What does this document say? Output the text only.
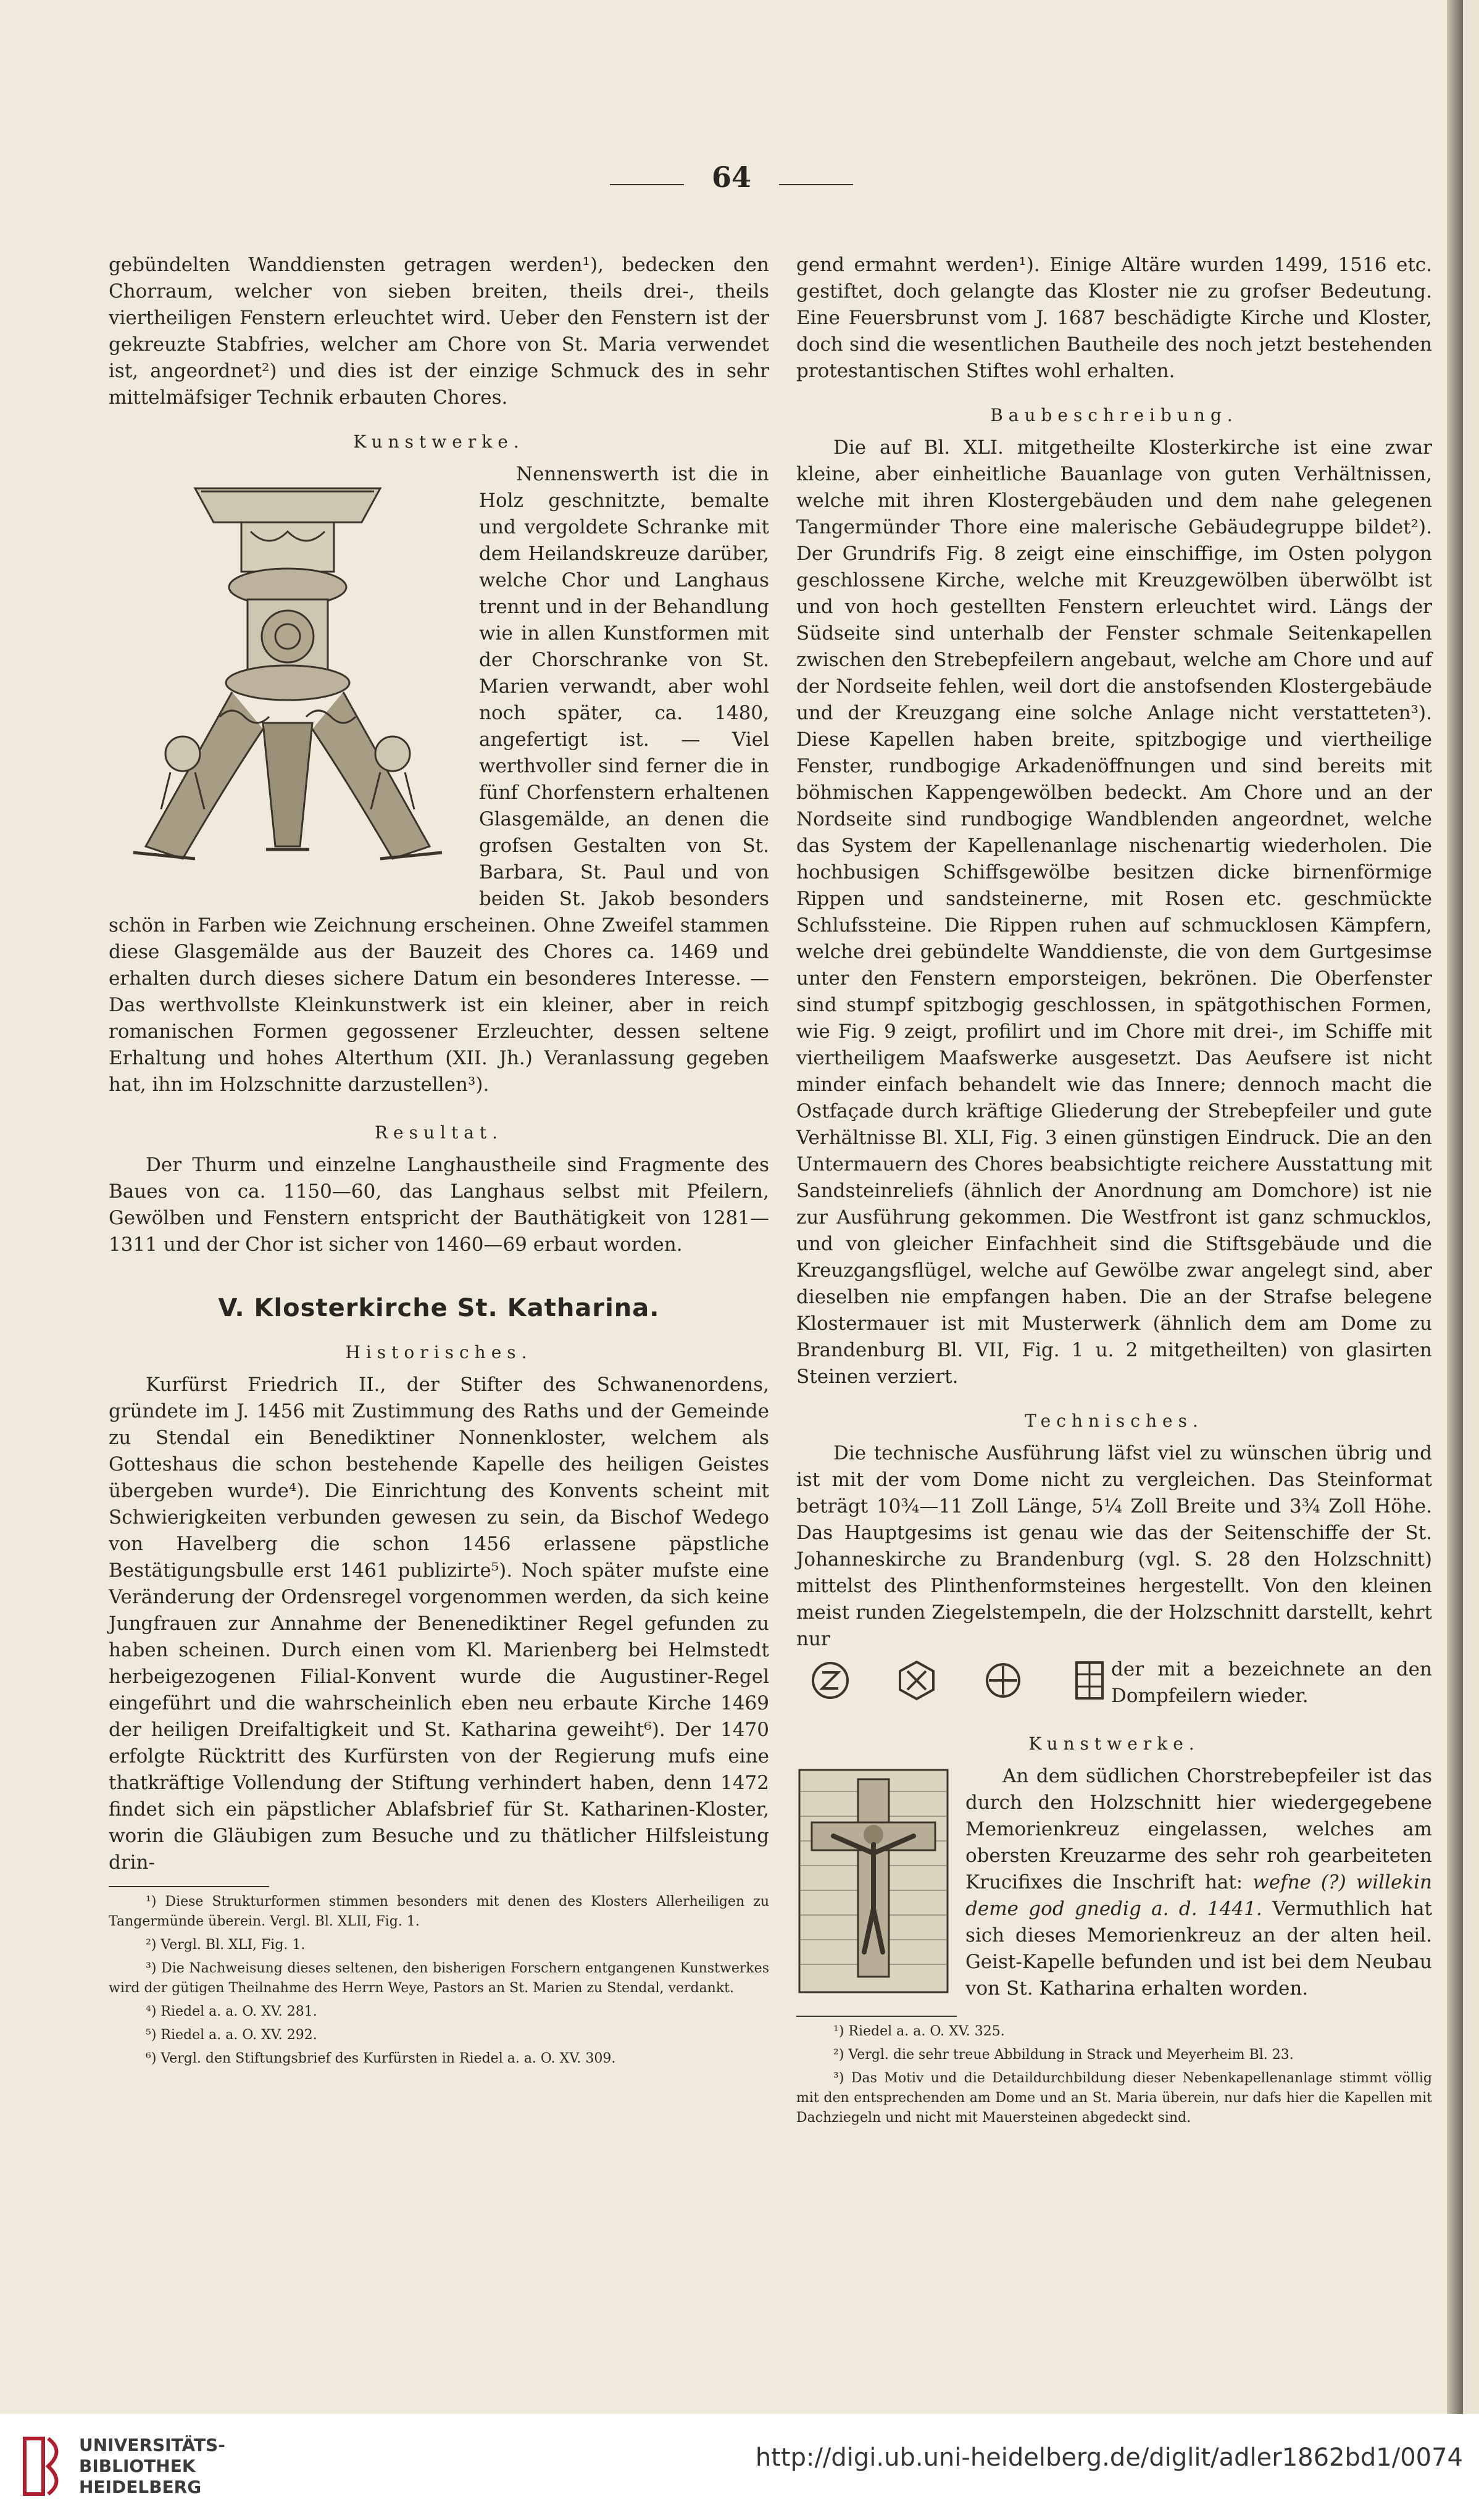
64

gebündelten Wanddiensten getragen werden¹), bedecken den Chorraum, welcher von sieben breiten, theils drei-, theils viertheiligen Fenstern erleuchtet wird. Ueber den Fenstern ist der gekreuzte Stabfries, welcher am Chore von St. Maria verwendet ist, angeordnet²) und dies ist der einzige Schmuck des in sehr mittelmäfsiger Technik erbauten Chores.

Kunstwerke.

Nennenswerth ist die in Holz geschnitzte, bemalte und vergoldete Schranke mit dem Heilandskreuze darüber, welche Chor und Langhaus trennt und in der Behandlung wie in allen Kunstformen mit der Chorschranke von St. Marien verwandt, aber wohl noch später, ca. 1480, angefertigt ist. — Viel werthvoller sind ferner die in fünf Chorfenstern erhaltenen Glasgemälde, an denen die grofsen Gestalten von St. Barbara, St. Paul und von beiden St. Jakob besonders schön in Farben wie Zeichnung erscheinen. Ohne Zweifel stammen diese Glasgemälde aus der Bauzeit des Chores ca. 1469 und erhalten durch dieses sichere Datum ein besonderes Interesse. — Das werthvollste Kleinkunstwerk ist ein kleiner, aber in reich romanischen Formen gegossener Erzleuchter, dessen seltene Erhaltung und hohes Alterthum (XII. Jh.) Veranlassung gegeben hat, ihn im Holzschnitte darzustellen³).

Resultat.

Der Thurm und einzelne Langhaustheile sind Fragmente des Baues von ca. 1150—60, das Langhaus selbst mit Pfeilern, Gewölben und Fenstern entspricht der Bauthätigkeit von 1281—1311 und der Chor ist sicher von 1460—69 erbaut worden.

V. Klosterkirche St. Katharina.
Historisches.

Kurfürst Friedrich II., der Stifter des Schwanenordens, gründete im J. 1456 mit Zustimmung des Raths und der Gemeinde zu Stendal ein Benediktiner Nonnenkloster, welchem als Gotteshaus die schon bestehende Kapelle des heiligen Geistes übergeben wurde⁴). Die Einrichtung des Konvents scheint mit Schwierigkeiten verbunden gewesen zu sein, da Bischof Wedego von Havelberg die schon 1456 erlassene päpstliche Bestätigungsbulle erst 1461 publizirte⁵). Noch später mufste eine Veränderung der Ordensregel vorgenommen werden, da sich keine Jungfrauen zur Annahme der Benenediktiner Regel gefunden zu haben scheinen. Durch einen vom Kl. Marienberg bei Helmstedt herbeigezogenen Filial-Konvent wurde die Augustiner-Regel eingeführt und die wahrscheinlich eben neu erbaute Kirche 1469 der heiligen Dreifaltigkeit und St. Katharina geweiht⁶). Der 1470 erfolgte Rücktritt des Kurfürsten von der Regierung mufs eine thatkräftige Vollendung der Stiftung verhindert haben, denn 1472 findet sich ein päpstlicher Ablafsbrief für St. Katharinen-Kloster, worin die Gläubigen zum Besuche und zu thätlicher Hilfsleistung drin-

¹) Diese Strukturformen stimmen besonders mit denen des Klosters Allerheiligen zu Tangermünde überein. Vergl. Bl. XLII, Fig. 1.

²) Vergl. Bl. XLI, Fig. 1.

³) Die Nachweisung dieses seltenen, den bisherigen Forschern entgangenen Kunstwerkes wird der gütigen Theilnahme des Herrn Weye, Pastors an St. Marien zu Stendal, verdankt.

⁴) Riedel a. a. O. XV. 281.

⁵) Riedel a. a. O. XV. 292.

⁶) Vergl. den Stiftungsbrief des Kurfürsten in Riedel a. a. O. XV. 309.

gend ermahnt werden¹). Einige Altäre wurden 1499, 1516 etc. gestiftet, doch gelangte das Kloster nie zu grofser Bedeutung. Eine Feuersbrunst vom J. 1687 beschädigte Kirche und Kloster, doch sind die wesentlichen Bautheile des noch jetzt bestehenden protestantischen Stiftes wohl erhalten.

Baubeschreibung.

Die auf Bl. XLI. mitgetheilte Klosterkirche ist eine zwar kleine, aber einheitliche Bauanlage von guten Verhältnissen, welche mit ihren Klostergebäuden und dem nahe gelegenen Tangermünder Thore eine malerische Gebäudegruppe bildet²). Der Grundrifs Fig. 8 zeigt eine einschiffige, im Osten polygon geschlossene Kirche, welche mit Kreuzgewölben überwölbt ist und von hoch gestellten Fenstern erleuchtet wird. Längs der Südseite sind unterhalb der Fenster schmale Seitenkapellen zwischen den Strebepfeilern angebaut, welche am Chore und auf der Nordseite fehlen, weil dort die anstofsenden Klostergebäude und der Kreuzgang eine solche Anlage nicht verstatteten³). Diese Kapellen haben breite, spitzbogige und viertheilige Fenster, rundbogige Arkadenöffnungen und sind bereits mit böhmischen Kappengewölben bedeckt. Am Chore und an der Nordseite sind rundbogige Wandblenden angeordnet, welche das System der Kapellenanlage nischenartig wiederholen. Die hochbusigen Schiffsgewölbe besitzen dicke birnenförmige Rippen und sandsteinerne, mit Rosen etc. geschmückte Schlufssteine. Die Rippen ruhen auf schmucklosen Kämpfern, welche drei gebündelte Wanddienste, die von dem Gurtgesimse unter den Fenstern emporsteigen, bekrönen. Die Oberfenster sind stumpf spitzbogig geschlossen, in spätgothischen Formen, wie Fig. 9 zeigt, profilirt und im Chore mit drei-, im Schiffe mit viertheiligem Maafswerke ausgesetzt. Das Aeufsere ist nicht minder einfach behandelt wie das Innere; dennoch macht die Ostfaçade durch kräftige Gliederung der Strebepfeiler und gute Verhältnisse Bl. XLI, Fig. 3 einen günstigen Eindruck. Die an den Untermauern des Chores beabsichtigte reichere Ausstattung mit Sandsteinreliefs (ähnlich der Anordnung am Domchore) ist nie zur Ausführung gekommen. Die Westfront ist ganz schmucklos, und von gleicher Einfachheit sind die Stiftsgebäude und die Kreuzgangsflügel, welche auf Gewölbe zwar angelegt sind, aber dieselben nie empfangen haben. Die an der Strafse belegene Klostermauer ist mit Musterwerk (ähnlich dem am Dome zu Brandenburg Bl. VII, Fig. 1 u. 2 mitgetheilten) von glasirten Steinen verziert.

Technisches.

Die technische Ausführung läfst viel zu wünschen übrig und ist mit der vom Dome nicht zu vergleichen. Das Steinformat beträgt 10¾—11 Zoll Länge, 5¼ Zoll Breite und 3¾ Zoll Höhe. Das Hauptgesims ist genau wie das der Seitenschiffe der St. Johanneskirche zu Brandenburg (vgl. S. 28 den Holzschnitt) mittelst des Plinthenformsteines hergestellt. Von den kleinen meist runden Ziegelstempeln, die der Holzschnitt darstellt, kehrt nur

der mit a bezeichnete an den Dompfeilern wieder.

Kunstwerke.

An dem südlichen Chorstrebepfeiler ist das durch den Holzschnitt hier wiedergegebene Memorienkreuz eingelassen, welches am obersten Kreuzarme des sehr roh gearbeiteten Krucifixes die Inschrift hat: wefne (?) willekin deme god gnedig a. d. 1441. Vermuthlich hat sich dieses Memorienkreuz an der alten heil. Geist-Kapelle befunden und ist bei dem Neubau von St. Katharina erhalten worden.

¹) Riedel a. a. O. XV. 325.

²) Vergl. die sehr treue Abbildung in Strack und Meyerheim Bl. 23.

³) Das Motiv und die Detaildurchbildung dieser Nebenkapellenanlage stimmt völlig mit den entsprechenden am Dome und an St. Maria überein, nur dafs hier die Kapellen mit Dachziegeln und nicht mit Mauersteinen abgedeckt sind.

UNIVERSITÄTS-
BIBLIOTHEK
HEIDELBERG
http://digi.ub.uni-heidelberg.de/diglit/adler1862bd1/0074
